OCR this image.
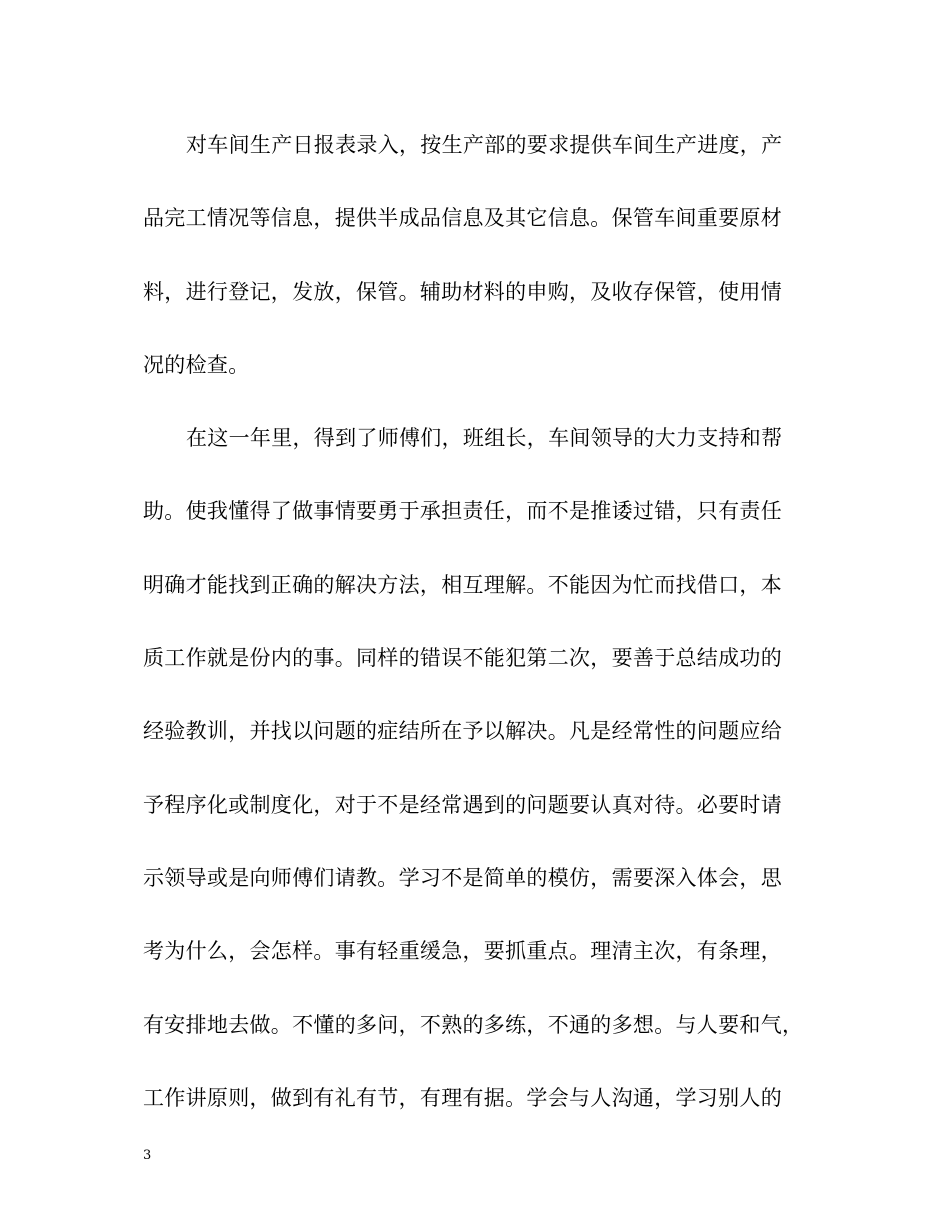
对车间生产日报表录入，按生产部的要求提供车间生产进度，产
品完工情况等信息，提供半成品信息及其它信息。保管车间重要原材
料，进行登记，发放，保管。辅助材料的申购，及收存保管，使用情
况的检查。
在这一年里，得到了师傅们，班组长，车间领导的大力支持和帮
助。使我懂得了做事情要勇于承担责任，而不是推诿过错，只有责任
明确才能找到正确的解决方法，相互理解。不能因为忙而找借口，本
质工作就是份内的事。同样的错误不能犯第二次，要善于总结成功的
经验教训，并找以问题的症结所在予以解决。凡是经常性的问题应给
予程序化或制度化，对于不是经常遇到的问题要认真对待。必要时请
示领导或是向师傅们请教。学习不是简单的模仿，需要深入体会，思
考为什么，会怎样。事有轻重缓急，要抓重点。理清主次，有条理，
有安排地去做。不懂的多问，不熟的多练，不通的多想。与人要和气，
工作讲原则，做到有礼有节，有理有据。学会与人沟通，学习别人的
3
